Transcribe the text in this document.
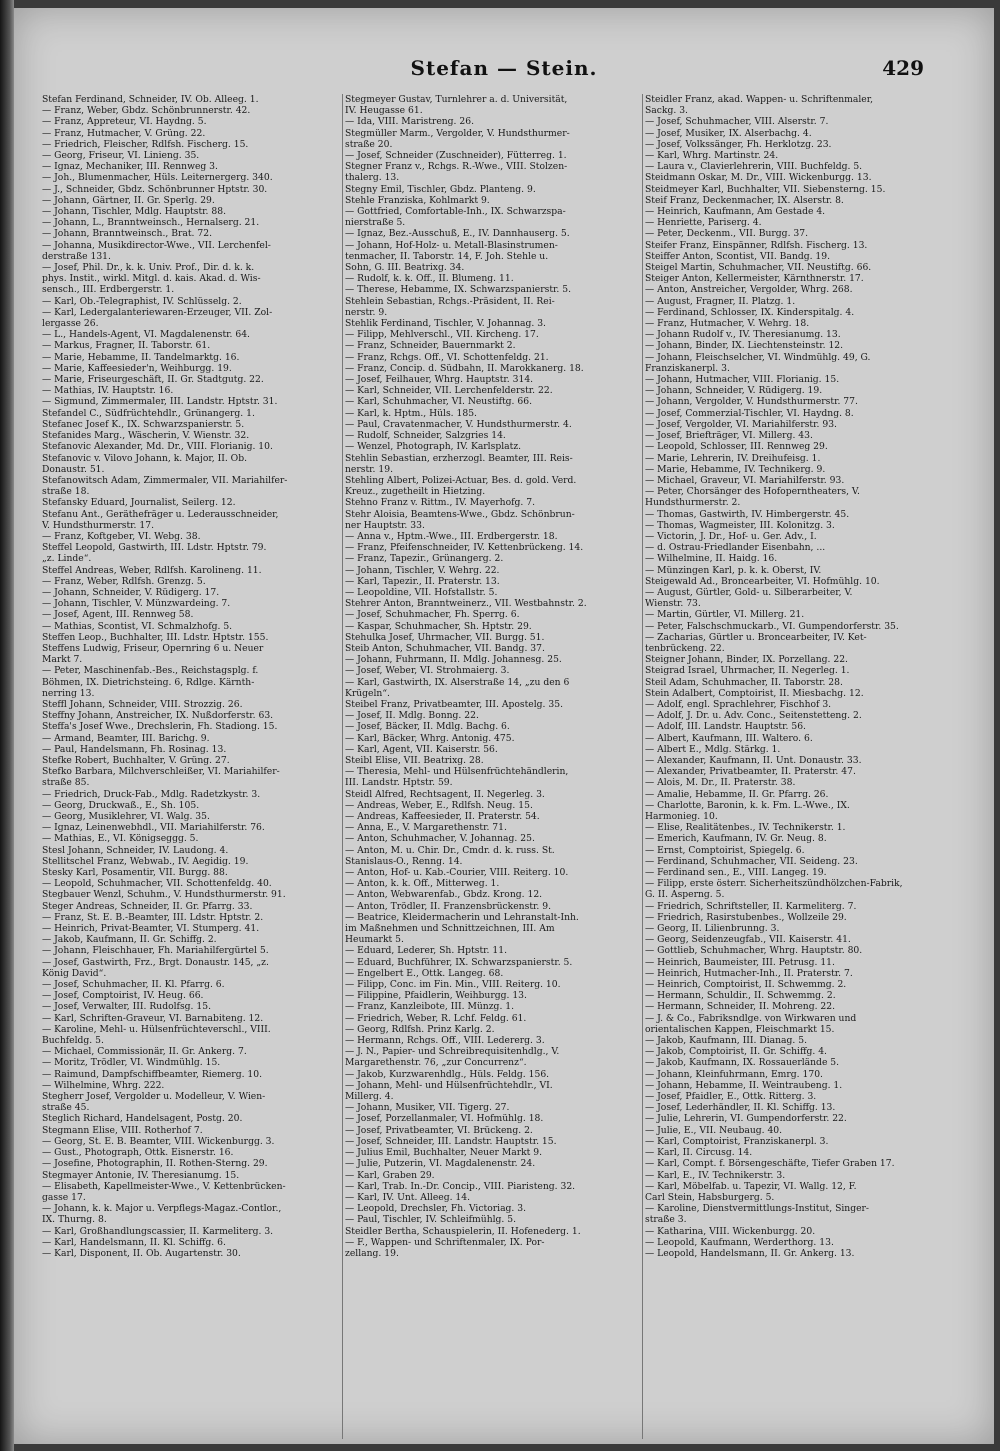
Stefan — Stein.	429
Stefan Ferdinand, Schneider, IV. Ob. Alleeg. 1.
— Franz, Weber, Gbdz. Schönbrunnerstr. 42.
— Franz, Appreteur, VI. Haydng. 5.
— Franz, Hutmacher, V. Grüng. 22.
— Friedrich, Fleischer, Rdlfsh. Fischerg. 15.
— Georg, Friseur, VI. Linieng. 35.
— Ignaz, Mechaniker, III. Rennweg 3.
— Joh., Blumenmacher, Hüls. Leiternergerg. 340.
— J., Schneider, Gbdz. Schönbrunner Hptstr. 30.
— Johann, Gärtner, II. Gr. Sperlg. 29.
— Johann, Tischler, Mdlg. Hauptstr. 88.
— Johann, L., Branntweinsch., Hernalserg. 21.
— Johann, Branntweinsch., Brat. 72.
— Johanna, Musikdirector-Wwe., VII. Lerchenfel-
derstraße 131.
— Josef, Phil. Dr., k. k. Univ. Prof., Dir. d. k. k.
phys. Instit., wirkl. Mitgl. d. kais. Akad. d. Wis-
sensch., III. Erdbergerstr. 1.
— Karl, Ob.-Telegraphist, IV. Schlüsselg. 2.
— Karl, Ledergalanteriewaren-Erzeuger, VII. Zol-
lergasse 26.
— L., Handels-Agent, VI. Magdalenenstr. 64.
— Markus, Fragner, II. Taborstr. 61.
— Marie, Hebamme, II. Tandelmarktg. 16.
— Marie, Kaffeesieder'n, Weihburgg. 19.
— Marie, Friseurgeschäft, II. Gr. Stadtgutg. 22.
— Mathias, IV. Hauptstr. 16.
— Sigmund, Zimmermaler, III. Landstr. Hptstr. 31.
Stefandel C., Südfrüchtehdlr., Grünangerg. 1.
Stefanec Josef K., IX. Schwarzspanierstr. 5.
Stefanides Marg., Wäscherin, V. Wienstr. 32.
Stefanovic Alexander, Md. Dr., VIII. Florianig. 10.
Stefanovic v. Vilovo Johann, k. Major, II. Ob.
Donaustr. 51.
Stefanowitsch Adam, Zimmermaler, VII. Mariahilfer-
straße 18.
Stefansky Eduard, Journalist, Seilerg. 12.
Stefanu Ant., Geräthefräger u. Lederausschneider,
V. Hundsthurmerstr. 17.
— Franz, Koftgeber, VI. Webg. 38.
Steffel Leopold, Gastwirth, III. Ldstr. Hptstr. 79.
„z. Linde“.
Steffel Andreas, Weber, Rdlfsh. Karolineng. 11.
— Franz, Weber, Rdlfsh. Grenzg. 5.
— Johann, Schneider, V. Rüdigerg. 17.
— Johann, Tischler, V. Münzwardeing. 7.
— Josef, Agent, III. Rennweg 58.
— Mathias, Scontist, VI. Schmalzhofg. 5.
Steffen Leop., Buchhalter, III. Ldstr. Hptstr. 155.
Steffens Ludwig, Friseur, Opernring 6 u. Neuer
Markt 7.
— Peter, Maschinenfab.-Bes., Reichstagsplg. f.
Böhmen, IX. Dietrichsteing. 6, Rdlge. Kärnth-
nerring 13.
Steffl Johann, Schneider, VIII. Strozzig. 26.
Steffny Johann, Anstreicher, IX. Nußdorferstr. 63.
Steffa's Josef Wwe., Drechslerin, Fh. Stadiong. 15.
— Armand, Beamter, III. Barichg. 9.
— Paul, Handelsmann, Fh. Rosinag. 13.
Stefke Robert, Buchhalter, V. Grüng. 27.
Stefko Barbara, Milchverschleißer, VI. Mariahilfer-
straße 85.
— Friedrich, Druck-Fab., Mdlg. Radetzkystr. 3.
— Georg, Druckwaß., E., Sh. 105.
— Georg, Musiklehrer, VI. Walg. 35.
— Ignaz, Leinenwebhdl., VII. Mariahilferstr. 76.
— Mathias, E., VI. Königseggg. 5.
Stesl Johann, Schneider, IV. Laudong. 4.
Stellitschel Franz, Webwab., IV. Aegidig. 19.
Stesky Karl, Posamentir, VII. Burgg. 88.
— Leopold, Schuhmacher, VII. Schottenfeldg. 40.
Stegbauer Wenzl, Schuhm., V. Hundsthurmerstr. 91.
Steger Andreas, Schneider, II. Gr. Pfarrg. 33.
— Franz, St. E. B.-Beamter, III. Ldstr. Hptstr. 2.
— Heinrich, Privat-Beamter, VI. Stumperg. 41.
— Jakob, Kaufmann, II. Gr. Schiffg. 2.
— Johann, Fleischhauer, Fh. Mariahilfergürtel 5.
— Josef, Gastwirth, Frz., Brgt. Donaustr. 145, „z.
König David“.
— Josef, Schuhmacher, II. Kl. Pfarrg. 6.
— Josef, Comptoirist, IV. Heug. 66.
— Josef, Verwalter, III. Rudolfsg. 15.
— Karl, Schriften-Graveur, VI. Barnabiteng. 12.
— Karoline, Mehl- u. Hülsenfrüchteverschl., VIII.
Buchfeldg. 5.
— Michael, Commissionär, II. Gr. Ankerg. 7.
— Moritz, Trödler, VI. Windmühlg. 15.
— Raimund, Dampfschiffbeamter, Riemerg. 10.
— Wilhelmine, Whrg. 222.
Stegherr Josef, Vergolder u. Modelleur, V. Wien-
straße 45.
Steglich Richard, Handelsagent, Postg. 20.
Stegmann Elise, VIII. Rotherhof 7.
— Georg, St. E. B. Beamter, VIII. Wickenburgg. 3.
— Gust., Photograph, Ottk. Eisnerstr. 16.
— Josefine, Photographin, II. Rothen-Sterng. 29.
Stegmayer Antonie, IV. Theresianumg. 15.
— Elisabeth, Kapellmeister-Wwe., V. Kettenbrücken-
gasse 17.
— Johann, k. k. Major u. Verpflegs-Magaz.-Contlor.,
IX. Thurng. 8.
— Karl, Großhandlungscassier, II. Karmeliterg. 3.
— Karl, Handelsmann, II. Kl. Schiffg. 6.
— Karl, Disponent, II. Ob. Augartenstr. 30.
Stegmeyer Gustav, Turnlehrer a. d. Universität,
IV. Heugasse 61.
— Ida, VIII. Maristreng. 26.
Stegmüller Marm., Vergolder, V. Hundsthurmer-
straße 20.
— Josef, Schneider (Zuschneider), Fütterreg. 1.
Stegner Franz v., Rchgs. R.-Wwe., VIII. Stolzen-
thalerg. 13.
Stegny Emil, Tischler, Gbdz. Planteng. 9.
Stehle Franziska, Kohlmarkt 9.
— Gottfried, Comfortable-Inh., IX. Schwarzspa-
nierstraße 5.
— Ignaz, Bez.-Ausschuß, E., IV. Dannhauserg. 5.
— Johann, Hof-Holz- u. Metall-Blasinstrumen-
tenmacher, II. Taborstr. 14, F. Joh. Stehle u.
Sohn, G. III. Beatrixg. 34.
— Rudolf, k. k. Off., II. Blumeng. 11.
— Therese, Hebamme, IX. Schwarzspanierstr. 5.
Stehlein Sebastian, Rchgs.-Präsident, II. Rei-
nerstr. 9.
Stehlik Ferdinand, Tischler, V. Johannag. 3.
— Filipp, Mehlverschl., VII. Kircheng. 17.
— Franz, Schneider, Bauernmarkt 2.
— Franz, Rchgs. Off., VI. Schottenfeldg. 21.
— Franz, Concip. d. Südbahn, II. Marokkanerg. 18.
— Josef, Feilhauer, Whrg. Hauptstr. 314.
— Karl, Schneider, VII. Lerchenfelderstr. 22.
— Karl, Schuhmacher, VI. Neustiftg. 66.
— Karl, k. Hptm., Hüls. 185.
— Paul, Cravatenmacher, V. Hundsthurmerstr. 4.
— Rudolf, Schneider, Salzgries 14.
— Wenzel, Photograph, IV. Karlsplatz.
Stehlin Sebastian, erzherzogl. Beamter, III. Reis-
nerstr. 19.
Stehling Albert, Polizei-Actuar, Bes. d. gold. Verd.
Kreuz., zugetheilt in Hietzing.
Stehno Franz v. Rittm., IV. Mayerhofg. 7.
Stehr Aloisia, Beamtens-Wwe., Gbdz. Schönbrun-
ner Hauptstr. 33.
— Anna v., Hptm.-Wwe., III. Erdbergerstr. 18.
— Franz, Pfeifenschneider, IV. Kettenbrückeng. 14.
— Franz, Tapezir., Grünangerg. 2.
— Johann, Tischler, V. Wehrg. 22.
— Karl, Tapezir., II. Praterstr. 13.
— Leopoldine, VII. Hofstallstr. 5.
Stehrer Anton, Branntweinerz., VII. Westbahnstr. 2.
— Josef, Schuhmacher, Fh. Sperrg. 6.
— Kaspar, Schuhmacher, Sh. Hptstr. 29.
Stehulka Josef, Uhrmacher, VII. Burgg. 51.
Steib Anton, Schuhmacher, VII. Bandg. 37.
— Johann, Fuhrmann, II. Mdlg. Johannesg. 25.
— Josef, Weber, VI. Strohmaierg. 3.
— Karl, Gastwirth, IX. Alserstraße 14, „zu den 6
Krügeln“.
Steibel Franz, Privatbeamter, III. Apostelg. 35.
— Josef, II. Mdlg. Bonng. 22.
— Josef, Bäcker, II. Mdlg. Bachg. 6.
— Karl, Bäcker, Whrg. Antonig. 475.
— Karl, Agent, VII. Kaiserstr. 56.
Steibl Elise, VII. Beatrixg. 28.
— Theresia, Mehl- und Hülsenfrüchtehändlerin,
III. Landstr. Hptstr. 59.
Steidl Alfred, Rechtsagent, II. Negerleg. 3.
— Andreas, Weber, E., Rdlfsh. Neug. 15.
— Andreas, Kaffeesieder, II. Praterstr. 54.
— Anna, E., V. Margarethenstr. 71.
— Anton, Schuhmacher, V. Johannag. 25.
— Anton, M. u. Chir. Dr., Cmdr. d. k. russ. St.
Stanislaus-O., Renng. 14.
— Anton, Hof- u. Kab.-Courier, VIII. Reiterg. 10.
— Anton, k. k. Off., Mitterweg. 1.
— Anton, Webwarenfab., Gbdz. Krong. 12.
— Anton, Trödler, II. Franzensbrückenstr. 9.
— Beatrice, Kleidermacherin und Lehranstalt-Inh.
im Maßnehmen und Schnittzeichnen, III. Am
Heumarkt 5.
— Eduard, Lederer, Sh. Hptstr. 11.
— Eduard, Buchführer, IX. Schwarzspanierstr. 5.
— Engelbert E., Ottk. Langeg. 68.
— Filipp, Conc. im Fin. Min., VIII. Reiterg. 10.
— Filippine, Pfaidlerin, Weihburgg. 13.
— Franz, Kanzleibote, III. Münzg. 1.
— Friedrich, Weber, R. Lchf. Feldg. 61.
— Georg, Rdlfsh. Prinz Karlg. 2.
— Hermann, Rchgs. Off., VIII. Ledererg. 3.
— J. N., Papier- und Schreibrequisitenhdlg., V.
Margarethenstr. 76, „zur Concurrenz“.
— Jakob, Kurzwarenhdlg., Hüls. Feldg. 156.
— Johann, Mehl- und Hülsenfrüchtehdlr., VI.
Millerg. 4.
— Johann, Musiker, VII. Tigerg. 27.
— Josef, Porzellanmaler, VI. Hofmühlg. 18.
— Josef, Privatbeamter, VI. Brückeng. 2.
— Josef, Schneider, III. Landstr. Hauptstr. 15.
— Julius Emil, Buchhalter, Neuer Markt 9.
— Julie, Putzerin, VI. Magdalenenstr. 24.
— Karl, Graben 29.
— Karl, Trab. In.-Dr. Concip., VIII. Piaristeng. 32.
— Karl, IV. Unt. Alleeg. 14.
— Leopold, Drechsler, Fh. Victoriag. 3.
— Paul, Tischler, IV. Schleifmühlg. 5.
Steidler Bertha, Schauspielerin, II. Hofenederg. 1.
— F., Wappen- und Schriftenmaler, IX. Por-
zellang. 19.
Steidler Franz, akad. Wappen- u. Schriftenmaler,
Sackg. 3.
— Josef, Schuhmacher, VIII. Alserstr. 7.
— Josef, Musiker, IX. Alserbachg. 4.
— Josef, Volkssänger, Fh. Herklotzg. 23.
— Karl, Whrg. Martinstr. 24.
— Laura v., Clavierlehrerin, VIII. Buchfeldg. 5.
Steidmann Oskar, M. Dr., VIII. Wickenburgg. 13.
Steidmeyer Karl, Buchhalter, VII. Siebensterng. 15.
Steif Franz, Deckenmacher, IX. Alserstr. 8.
— Heinrich, Kaufmann, Am Gestade 4.
— Henriette, Pariserg. 4.
— Peter, Deckenm., VII. Burgg. 37.
Steifer Franz, Einspänner, Rdlfsh. Fischerg. 13.
Steiffer Anton, Scontist, VII. Bandg. 19.
Steigel Martin, Schuhmacher, VII. Neustiftg. 66.
Steiger Anton, Kellermeister, Kärnthnerstr. 17.
— Anton, Anstreicher, Vergolder, Whrg. 268.
— August, Fragner, II. Platzg. 1.
— Ferdinand, Schlosser, IX. Kinderspitalg. 4.
— Franz, Hutmacher, V. Wehrg. 18.
— Johann Rudolf v., IV. Theresianumg. 13.
— Johann, Binder, IX. Liechtensteinstr. 12.
— Johann, Fleischselcher, VI. Windmühlg. 49, G.
Franziskanerpl. 3.
— Johann, Hutmacher, VIII. Florianig. 15.
— Johann, Schneider, V. Rüdigerg. 19.
— Johann, Vergolder, V. Hundsthurmerstr. 77.
— Josef, Commerzial-Tischler, VI. Haydng. 8.
— Josef, Vergolder, VI. Mariahilferstr. 93.
— Josef, Briefträger, VI. Millerg. 43.
— Leopold, Schlosser, III. Rennweg 29.
— Marie, Lehrerin, IV. Dreihufeisg. 1.
— Marie, Hebamme, IV. Technikerg. 9.
— Michael, Graveur, VI. Mariahilferstr. 93.
— Peter, Chorsänger des Hofoperntheaters, V.
Hundsthurmerstr. 2.
— Thomas, Gastwirth, IV. Himbergerstr. 45.
— Thomas, Wagmeister, III. Kolonitzg. 3.
— Victorin, J. Dr., Hof- u. Ger. Adv., I.
— d. Ostrau-Friedlander Eisenbahn, ...
— Wilhelmine, II. Haidg. 16.
— Münzingen Karl, p. k. k. Oberst, IV.
Steigewald Ad., Broncearbeiter, VI. Hofmühlg. 10.
— August, Gürtler, Gold- u. Silberarbeiter, V.
Wienstr. 73.
— Martin, Gürtler, VI. Millerg. 21.
— Peter, Falschschmuckarb., VI. Gumpendorferstr. 35.
— Zacharias, Gürtler u. Broncearbeiter, IV. Ket-
tenbrückeng. 22.
Steigner Johann, Binder, IX. Porzellang. 22.
Steigrad Israel, Uhrmacher, II. Negerleg. 1.
Steil Adam, Schuhmacher, II. Taborstr. 28.
Stein Adalbert, Comptoirist, II. Miesbachg. 12.
— Adolf, engl. Sprachlehrer, Fischhof 3.
— Adolf, J. Dr. u. Adv. Conc., Seitenstetteng. 2.
— Adolf, III. Landstr. Hauptstr. 56.
— Albert, Kaufmann, III. Waltero. 6.
— Albert E., Mdlg. Stärkg. 1.
— Alexander, Kaufmann, II. Unt. Donaustr. 33.
— Alexander, Privatbeamter, II. Praterstr. 47.
— Alois, M. Dr., II. Praterstr. 38.
— Amalie, Hebamme, II. Gr. Pfarrg. 26.
— Charlotte, Baronin, k. k. Fm. L.-Wwe., IX.
Harmonieg. 10.
— Elise, Realitätenbes., IV. Technikerstr. 1.
— Emerich, Kaufmann, IV. Gr. Neug. 8.
— Ernst, Comptoirist, Spiegelg. 6.
— Ferdinand, Schuhmacher, VII. Seideng. 23.
— Ferdinand sen., E., VIII. Langeg. 19.
— Filipp, erste österr. Sicherheitszündhölzchen-Fabrik,
G. II. Asperng. 5.
— Friedrich, Schriftsteller, II. Karmeliterg. 7.
— Friedrich, Rasirstubenbes., Wollzeile 29.
— Georg, II. Lilienbrunng. 3.
— Georg, Seidenzeugfab., VII. Kaiserstr. 41.
— Gottlieb, Schuhmacher, Whrg. Hauptstr. 80.
— Heinrich, Baumeister, III. Petrusg. 11.
— Heinrich, Hutmacher-Inh., II. Praterstr. 7.
— Heinrich, Comptoirist, II. Schwemmg. 2.
— Hermann, Schuldir., II. Schwemmg. 2.
— Hermann, Schneider, II. Mohreng. 22.
— J. & Co., Fabriksndlge. von Wirkwaren und
orientalischen Kappen, Fleischmarkt 15.
— Jakob, Kaufmann, III. Dianag. 5.
— Jakob, Comptoirist, II. Gr. Schiffg. 4.
— Jakob, Kaufmann, IX. Rossauerlände 5.
— Johann, Kleinfuhrmann, Emrg. 170.
— Johann, Hebamme, II. Weintraubeng. 1.
— Josef, Pfaidler, E., Ottk. Ritterg. 3.
— Josef, Lederhändler, II. Kl. Schiffg. 13.
— Julie, Lehrerin, VI. Gumpendorferstr. 22.
— Julie, E., VII. Neubaug. 40.
— Karl, Comptoirist, Franziskanerpl. 3.
— Karl, II. Circusg. 14.
— Karl, Compt. f. Börsengeschäfte, Tiefer Graben 17.
— Karl, E., IV. Technikerstr. 3.
— Karl, Möbelfab. u. Tapezir, VI. Wallg. 12, F.
Carl Stein, Habsburgerg. 5.
— Karoline, Dienstvermittlungs-Institut, Singer-
straße 3.
— Katharina, VIII. Wickenburgg. 20.
— Leopold, Kaufmann, Werderthorg. 13.
— Leopold, Handelsmann, II. Gr. Ankerg. 13.
